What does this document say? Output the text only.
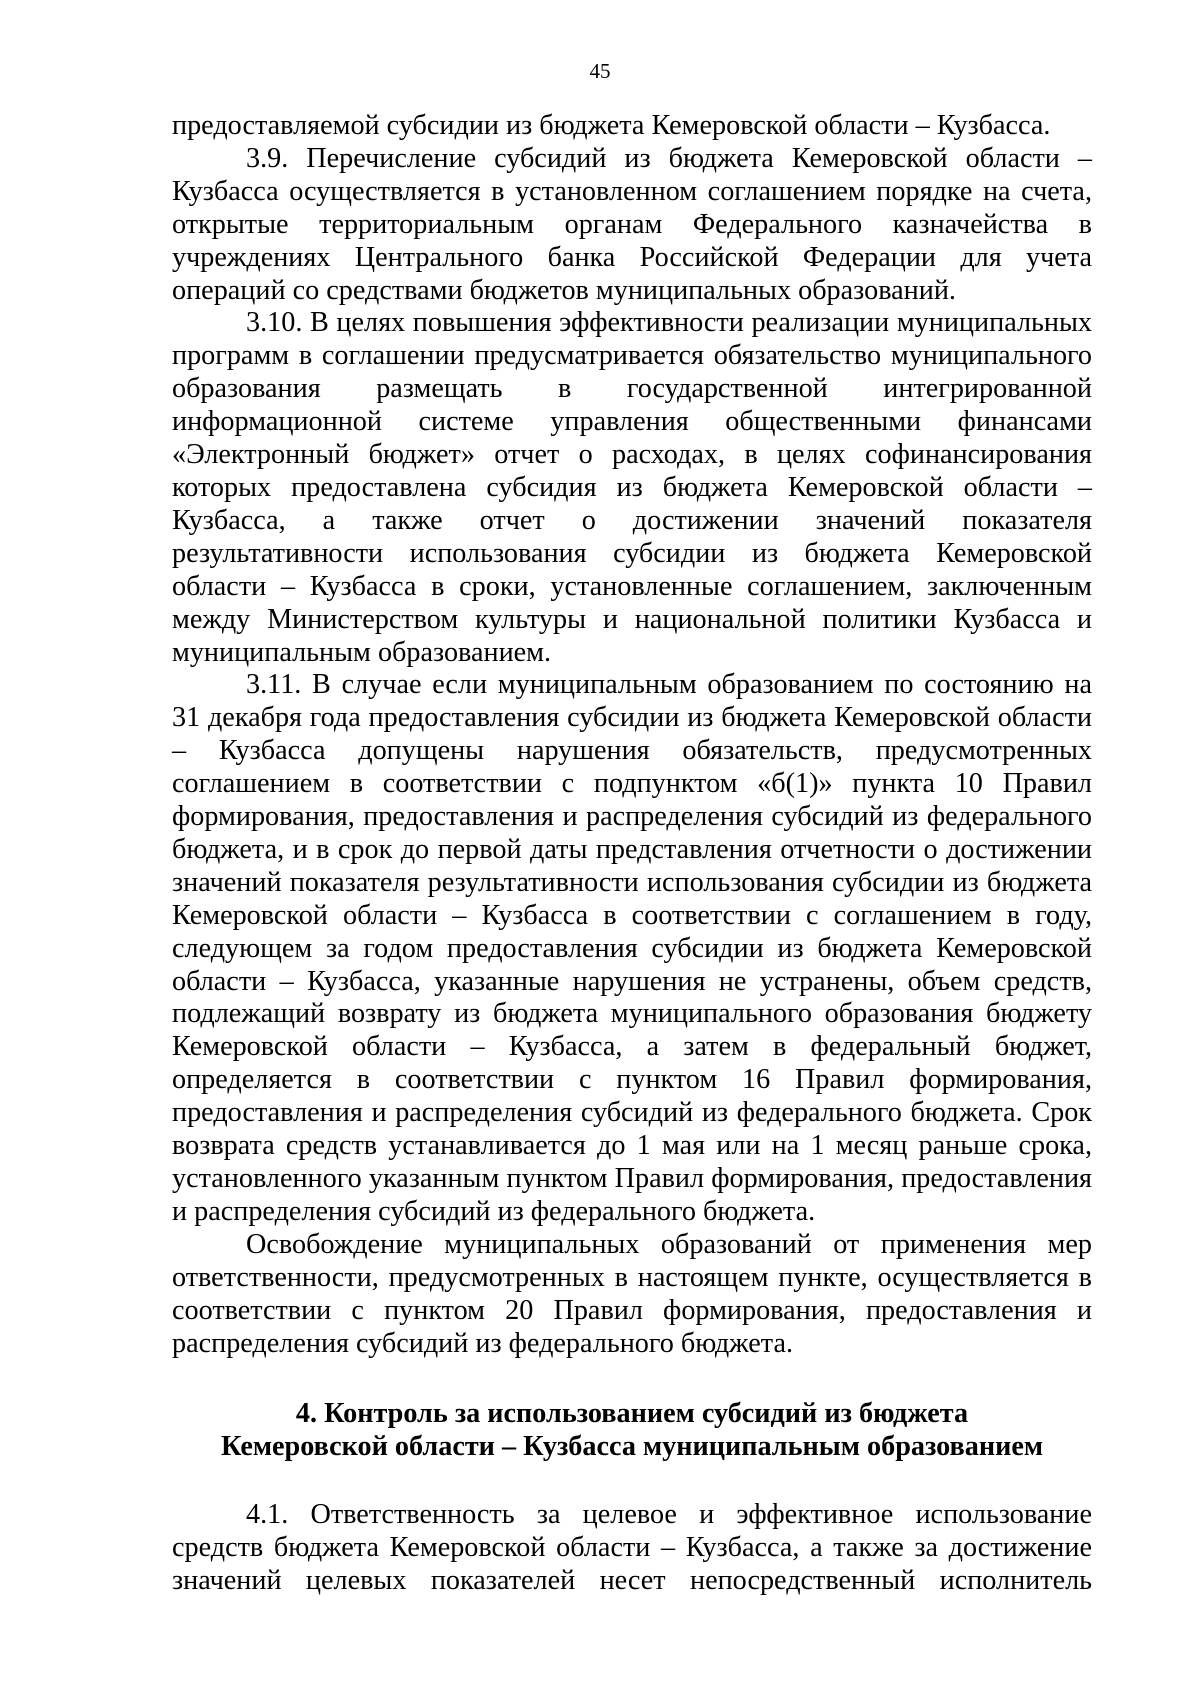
45

предоставляемой субсидии из бюджета Кемеровской области – Кузбасса.

3.9. Перечисление субсидий из бюджета Кемеровской области – Кузбасса осуществляется в установленном соглашением порядке на счета, открытые территориальным органам Федерального казначейства в учреждениях Центрального банка Российской Федерации для учета операций со средствами бюджетов муниципальных образований.

3.10. В целях повышения эффективности реализации муниципальных программ в соглашении предусматривается обязательство муниципального образования размещать в государственной интегрированной информационной системе управления общественными финансами «Электронный бюджет» отчет о расходах, в целях софинансирования которых предоставлена субсидия из бюджета Кемеровской области – Кузбасса, а также отчет о достижении значений показателя результативности использования субсидии из бюджета Кемеровской области – Кузбасса в сроки, установленные соглашением, заключенным между Министерством культуры и национальной политики Кузбасса и муниципальным образованием.

3.11. В случае если муниципальным образованием по состоянию на 31 декабря года предоставления субсидии из бюджета Кемеровской области – Кузбасса допущены нарушения обязательств, предусмотренных соглашением в соответствии с подпунктом «б(1)» пункта 10 Правил формирования, предоставления и распределения субсидий из федерального бюджета, и в срок до первой даты представления отчетности о достижении значений показателя результативности использования субсидии из бюджета Кемеровской области – Кузбасса в соответствии с соглашением в году, следующем за годом предоставления субсидии из бюджета Кемеровской области – Кузбасса, указанные нарушения не устранены, объем средств, подлежащий возврату из бюджета муниципального образования бюджету Кемеровской области – Кузбасса, а затем в федеральный бюджет, определяется в соответствии с пунктом 16 Правил формирования, предоставления и распределения субсидий из федерального бюджета. Срок возврата средств устанавливается до 1 мая или на 1 месяц раньше срока, установленного указанным пунктом Правил формирования, предоставления и распределения субсидий из федерального бюджета.

Освобождение муниципальных образований от применения мер ответственности, предусмотренных в настоящем пункте, осуществляется в соответствии с пунктом 20 Правил формирования, предоставления и распределения субсидий из федерального бюджета.

4. Контроль за использованием субсидий из бюджета
Кемеровской области – Кузбасса муниципальным образованием

4.1. Ответственность за целевое и эффективное использование средств бюджета Кемеровской области – Кузбасса, а также за достижение значений целевых показателей несет непосредственный исполнитель
